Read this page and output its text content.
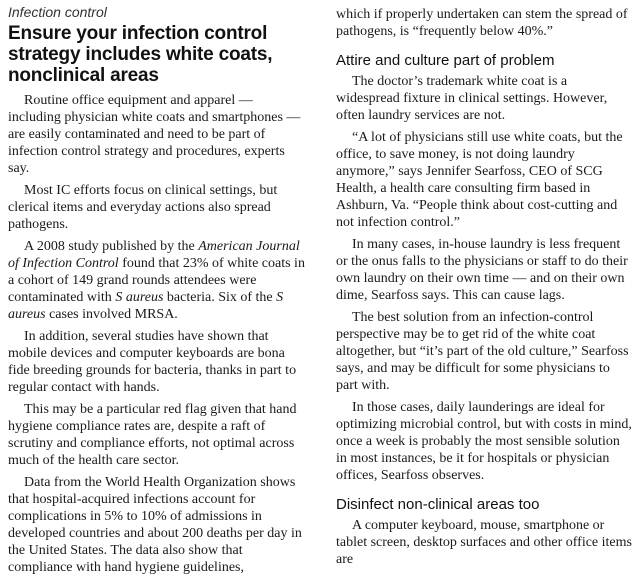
Infection control
Ensure your infection control strategy includes white coats, nonclinical areas

Routine office equipment and apparel — including physician white coats and smartphones — are easily contaminated and need to be part of infection control strategy and procedures, experts say.

Most IC efforts focus on clinical settings, but clerical items and everyday actions also spread pathogens.

A 2008 study published by the American Journal of Infection Control found that 23% of white coats in a cohort of 149 grand rounds attendees were contaminated with S aureus bacteria. Six of the S aureus cases involved MRSA.

In addition, several studies have shown that mobile devices and computer keyboards are bona fide breeding grounds for bacteria, thanks in part to regular contact with hands.

This may be a particular red flag given that hand hygiene compliance rates are, despite a raft of scrutiny and compliance efforts, not optimal across much of the health care sector.

Data from the World Health Organization shows that hospital-acquired infections account for complications in 5% to 10% of admissions in developed countries and about 200 deaths per day in the United States. The data also show that compliance with hand hygiene guidelines,

which if properly undertaken can stem the spread of pathogens, is “frequently below 40%.”

Attire and culture part of problem

The doctor’s trademark white coat is a widespread fixture in clinical settings. However, often laundry services are not.

“A lot of physicians still use white coats, but the office, to save money, is not doing laundry anymore,” says Jennifer Searfoss, CEO of SCG Health, a health care consulting firm based in Ashburn, Va. “People think about cost-cutting and not infection control.”

In many cases, in-house laundry is less frequent or the onus falls to the physicians or staff to do their own laundry on their own time — and on their own dime, Searfoss says. This can cause lags.

The best solution from an infection-control perspective may be to get rid of the white coat altogether, but “it’s part of the old culture,” Searfoss says, and may be difficult for some physicians to part with.

In those cases, daily launderings are ideal for optimizing microbial control, but with costs in mind, once a week is probably the most sensible solution in most instances, be it for hospitals or physician offices, Searfoss observes.

Disinfect non-clinical areas too

A computer keyboard, mouse, smartphone or tablet screen, desktop surfaces and other office items are
